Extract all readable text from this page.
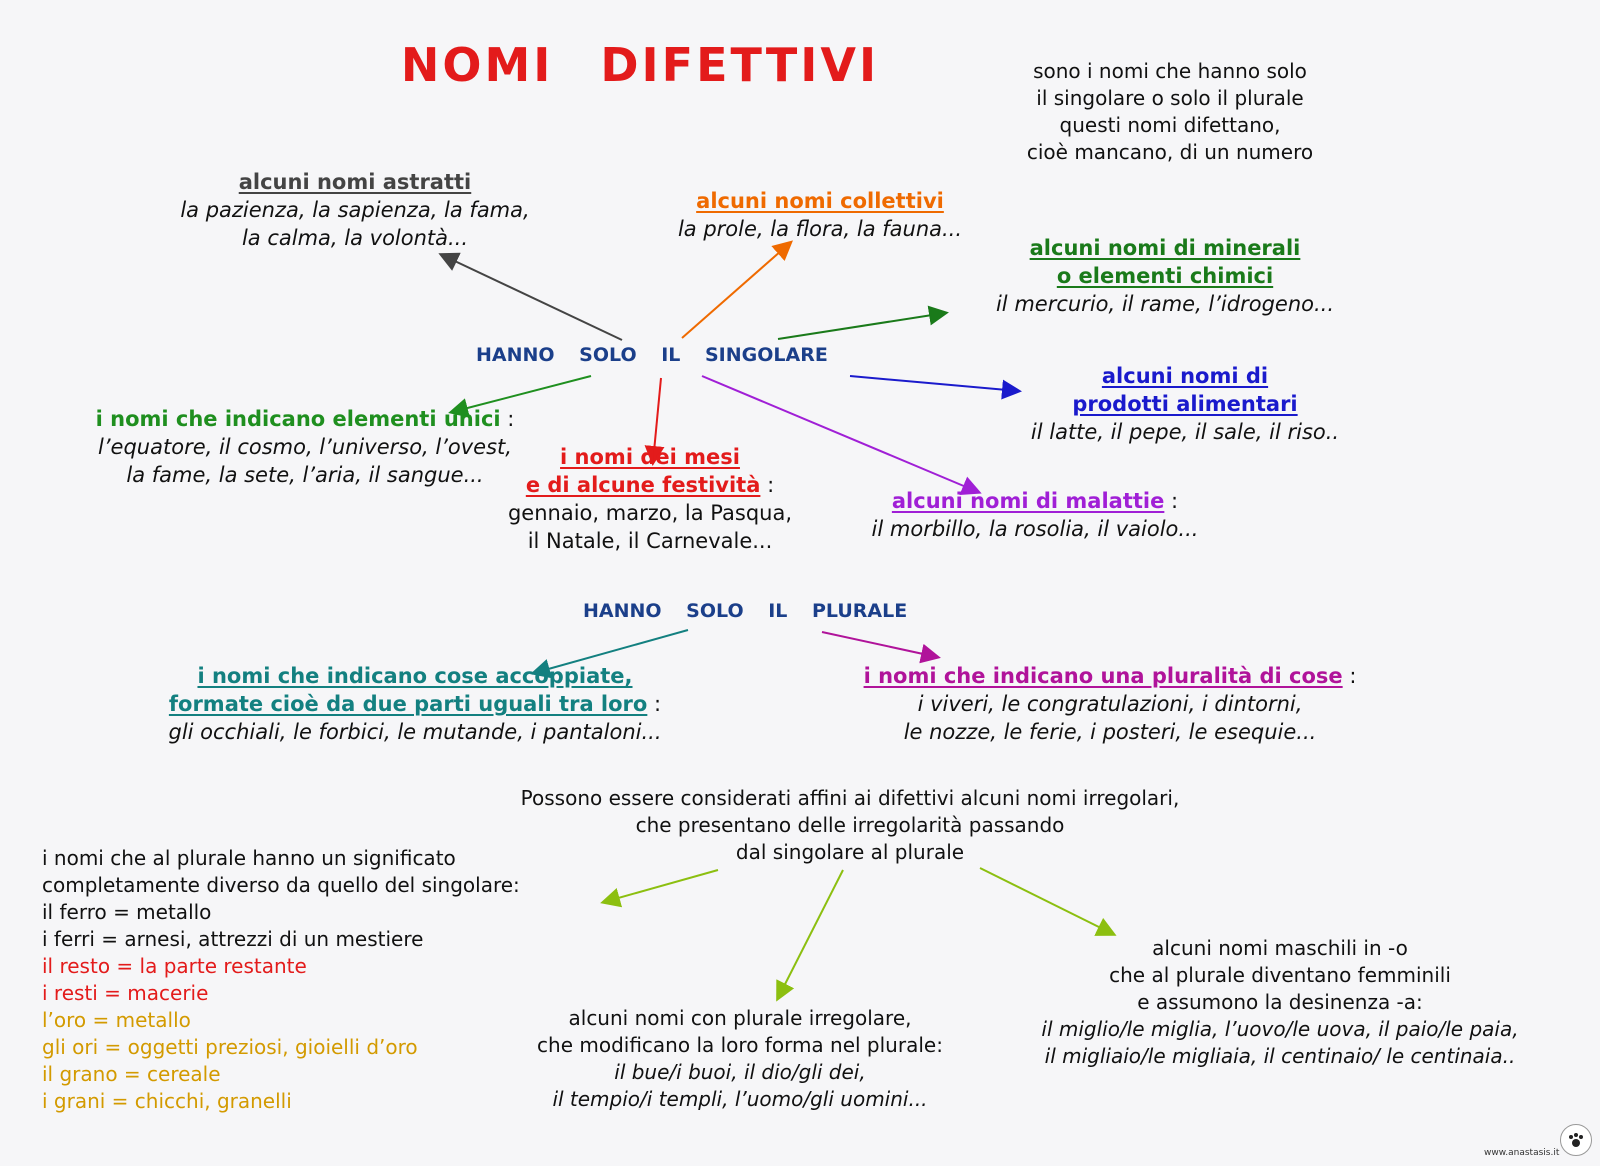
NOMI DIFETTIVI	sono i nomi che hanno solo
il singolare o solo il plurale
questi nomi difettano,
cioè mancano, di un numero
HANNO SOLO IL SINGOLARE
alcuni nomi astratti
la pazienza, la sapienza, la fama,
la calma, la volontà...
alcuni nomi collettivi
la prole, la flora, la fauna...
alcuni nomi di minerali
o elementi chimici
il mercurio, il rame, l’idrogeno...
alcuni nomi di
prodotti alimentari
il latte, il pepe, il sale, il riso..
alcuni nomi di malattie :
il morbillo, la rosolia, il vaiolo...
i nomi dei mesi
e di alcune festività :
gennaio, marzo, la Pasqua,
il Natale, il Carnevale...
i nomi che indicano elementi unici :
l’equatore, il cosmo, l’universo, l’ovest,
la fame, la sete, l’aria, il sangue...
HANNO SOLO IL PLURALE
i nomi che indicano cose accoppiate,
formate cioè da due parti uguali tra loro :
gli occhiali, le forbici, le mutande, i pantaloni...
i nomi che indicano una pluralità di cose :
i viveri, le congratulazioni, i dintorni,
le nozze, le ferie, i posteri, le esequie...
Possono essere considerati affini ai difettivi alcuni nomi irregolari,
che presentano delle irregolarità passando
dal singolare al plurale
i nomi che al plurale hanno un significato
completamente diverso da quello del singolare:
il ferro = metallo
i ferri = arnesi, attrezzi di un mestiere
il resto = la parte restante
i resti = macerie
l’oro = metallo
gli ori = oggetti preziosi, gioielli d’oro
il grano = cereale
i grani = chicchi, granelli
alcuni nomi con plurale irregolare,
che modificano la loro forma nel plurale:
il bue/i buoi, il dio/gli dei,
il tempio/i templi, l’uomo/gli uomini...
alcuni nomi maschili in -o
che al plurale diventano femminili
e assumono la desinenza -a:
il miglio/le miglia, l’uovo/le uova, il paio/le paia,
il migliaio/le migliaia, il centinaio/ le centinaia..
www.anastasis.it
